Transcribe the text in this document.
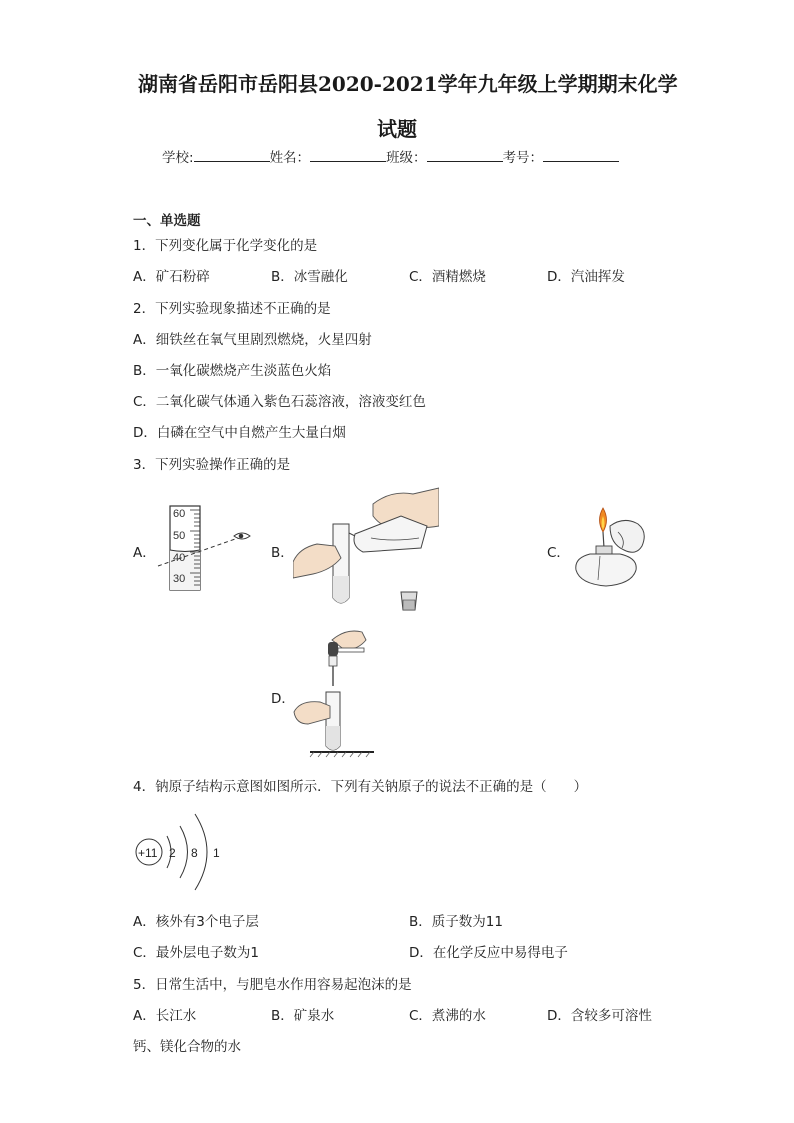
湖南省岳阳市岳阳县2020-2021学年九年级上学期期末化学
试题
学校:	姓名：	班级：	考号：
一、单选题
1．下列变化属于化学变化的是
A．矿石粉碎	B．冰雪融化	C．酒精燃烧	D．汽油挥发
2．下列实验现象描述不正确的是
A．细铁丝在氧气里剧烈燃烧，火星四射
B．一氧化碳燃烧产生淡蓝色火焰
C．二氧化碳气体通入紫色石蕊溶液，溶液变红色
D．白磷在空气中自燃产生大量白烟
3．下列实验操作正确的是
A．
60
50
40
30
B．	C．
D．
4．钠原子结构示意图如图所示．下列有关钠原子的说法不正确的是（　　）
+11 2 8 1
A．核外有3个电子层	B．质子数为11
C．最外层电子数为1	D．在化学反应中易得电子
5．日常生活中，与肥皂水作用容易起泡沫的是
A．长江水	B．矿泉水	C．煮沸的水	D．含较多可溶性
钙、镁化合物的水
